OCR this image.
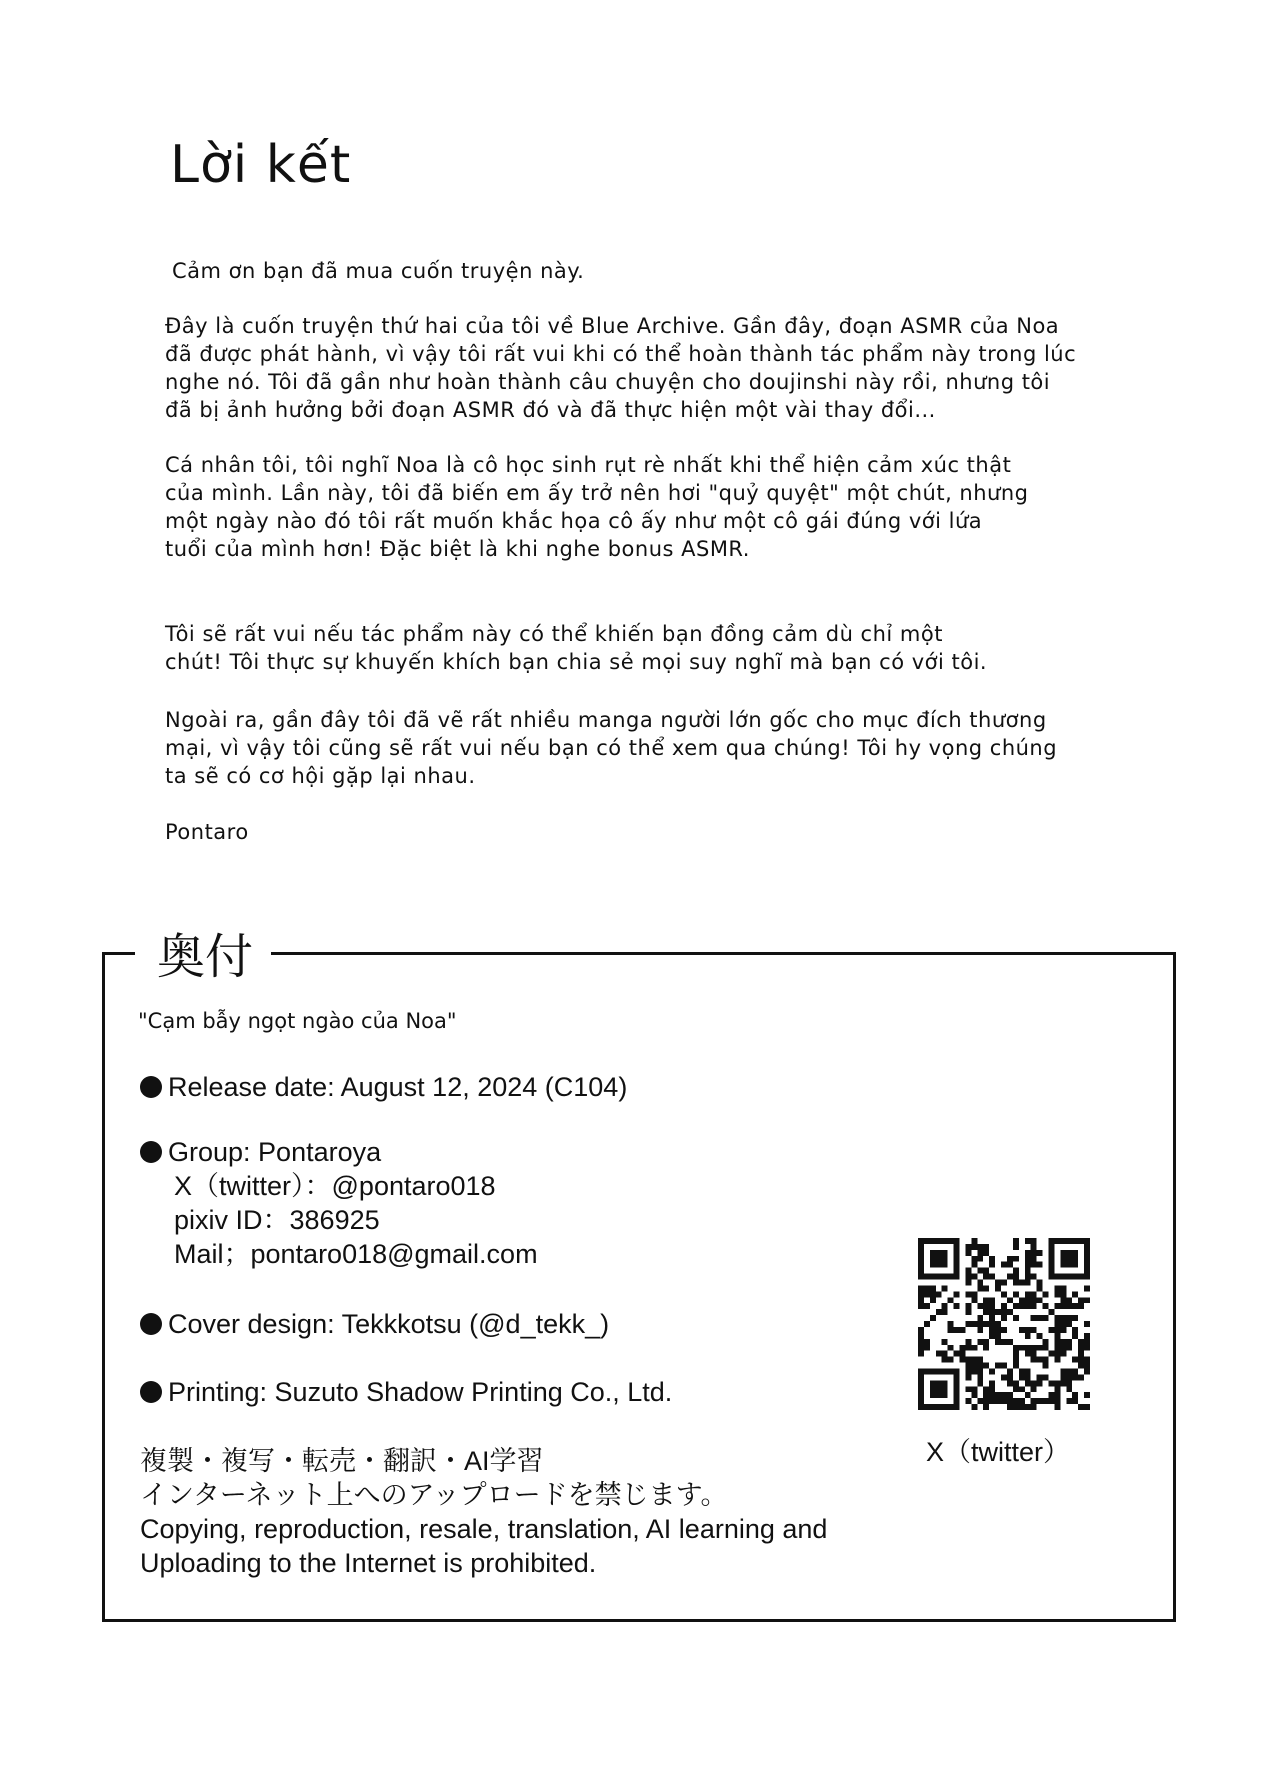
Lời kết

Cảm ơn bạn đã mua cuốn truyện này.

Đây là cuốn truyện thứ hai của tôi về Blue Archive. Gần đây, đoạn ASMR của Noa

đã được phát hành, vì vậy tôi rất vui khi có thể hoàn thành tác phẩm này trong lúc

nghe nó. Tôi đã gần như hoàn thành câu chuyện cho doujinshi này rồi, nhưng tôi

đã bị ảnh hưởng bởi đoạn ASMR đó và đã thực hiện một vài thay đổi...

Cá nhân tôi, tôi nghĩ Noa là cô học sinh rụt rè nhất khi thể hiện cảm xúc thật

của mình. Lần này, tôi đã biến em ấy trở nên hơi "quỷ quyệt" một chút, nhưng

một ngày nào đó tôi rất muốn khắc họa cô ấy như một cô gái đúng với lứa

tuổi của mình hơn! Đặc biệt là khi nghe bonus ASMR.

Tôi sẽ rất vui nếu tác phẩm này có thể khiến bạn đồng cảm dù chỉ một

chút! Tôi thực sự khuyến khích bạn chia sẻ mọi suy nghĩ mà bạn có với tôi.

Ngoài ra, gần đây tôi đã vẽ rất nhiều manga người lớn gốc cho mục đích thương

mại, vì vậy tôi cũng sẽ rất vui nếu bạn có thể xem qua chúng! Tôi hy vọng chúng

ta sẽ có cơ hội gặp lại nhau.

Pontaro

奥付
"Cạm bẫy ngọt ngào của Noa"
Release date: August 12, 2024 (C104)
Group: Pontaroya
X（twitter）：@pontaro018
pixiv ID：386925
Mail；pontaro018@gmail.com
Cover design: Tekkkotsu (@d_tekk_)
Printing: Suzuto Shadow Printing Co., Ltd.
複製・複写・転売・翻訳・AI学習
インターネット上へのアップロードを禁じます。
Copying, reproduction, resale, translation, AI learning and
Uploading to the Internet is prohibited.
X（twitter）
